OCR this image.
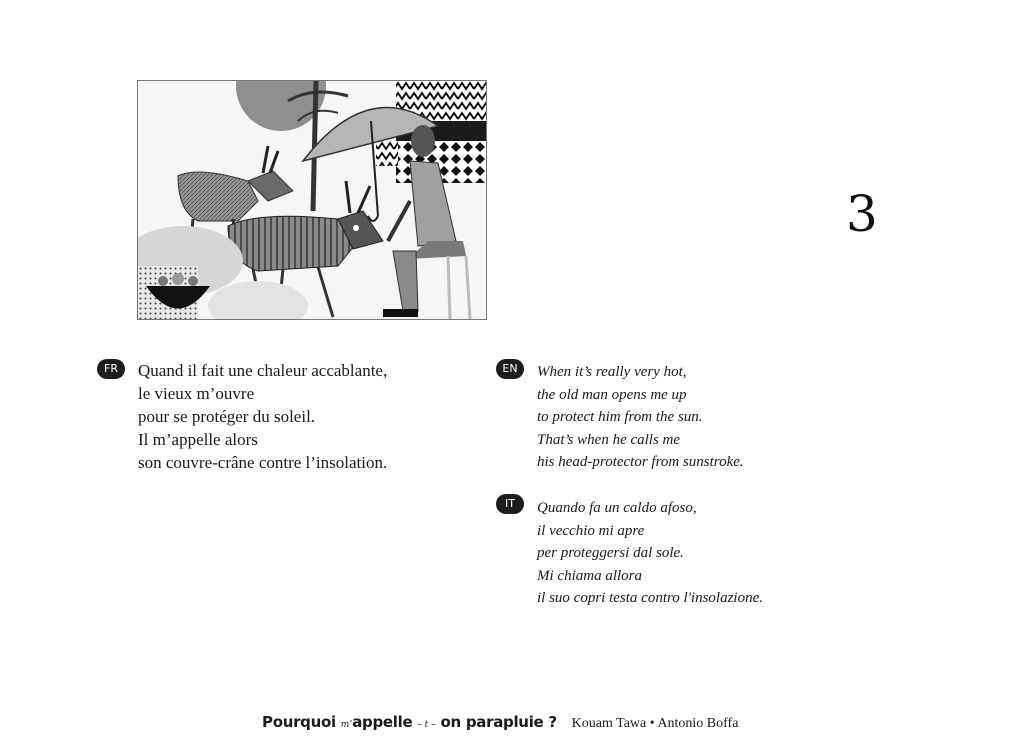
3
FR	Quand il fait une chaleur accablante,
le vieux m’ouvre
pour se protéger du soleil.
Il m’appelle alors
son couvre-crâne contre l’insolation.
EN	When it’s really very hot,
the old man opens me up
to protect him from the sun.
That’s when he calls me
his head-protector from sunstroke.
IT	Quando fa un caldo afoso,
il vecchio mi apre
per proteggersi dal sole.
Mi chiama allora
il suo copri testa contro l'insolazione.
Pourquoi m’appelle – t – on parapluie ? Kouam Tawa • Antonio Boffa
